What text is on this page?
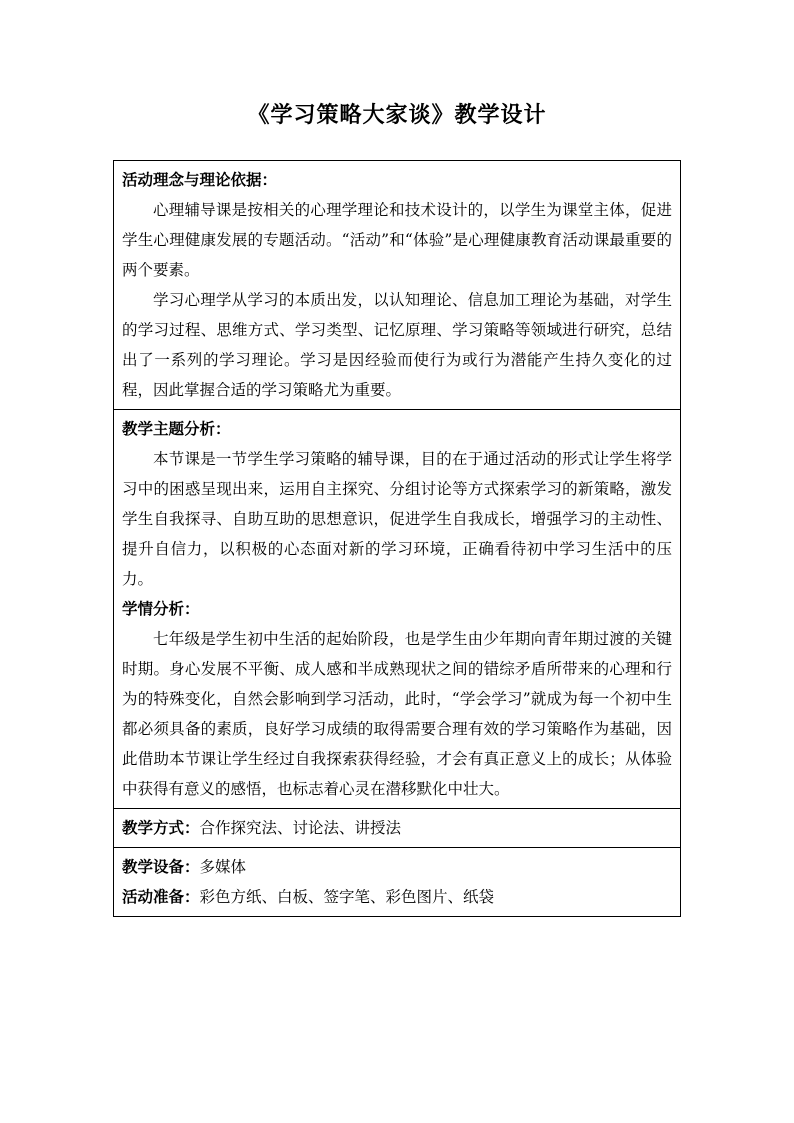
《学习策略大家谈》教学设计
活动理念与理论依据：
心理辅导课是按相关的心理学理论和技术设计的，以学生为课堂主体，促进学生心理健康发展的专题活动。“活动”和“体验”是心理健康教育活动课最重要的两个要素。
学习心理学从学习的本质出发，以认知理论、信息加工理论为基础，对学生的学习过程、思维方式、学习类型、记忆原理、学习策略等领域进行研究，总结出了一系列的学习理论。学习是因经验而使行为或行为潜能产生持久变化的过程，因此掌握合适的学习策略尤为重要。

教学主题分析：
本节课是一节学生学习策略的辅导课，目的在于通过活动的形式让学生将学习中的困惑呈现出来，运用自主探究、分组讨论等方式探索学习的新策略，激发学生自我探寻、自助互助的思想意识，促进学生自我成长，增强学习的主动性、提升自信力，以积极的心态面对新的学习环境，正确看待初中学习生活中的压力。
学情分析：
七年级是学生初中生活的起始阶段，也是学生由少年期向青年期过渡的关键时期。身心发展不平衡、成人感和半成熟现状之间的错综矛盾所带来的心理和行为的特殊变化，自然会影响到学习活动，此时，“学会学习”就成为每一个初中生都必须具备的素质，良好学习成绩的取得需要合理有效的学习策略作为基础，因此借助本节课让学生经过自我探索获得经验，才会有真正意义上的成长；从体验中获得有意义的感悟，也标志着心灵在潜移默化中壮大。

教学方式：合作探究法、讨论法、讲授法

教学设备：多媒体
活动准备：彩色方纸、白板、签字笔、彩色图片、纸袋
